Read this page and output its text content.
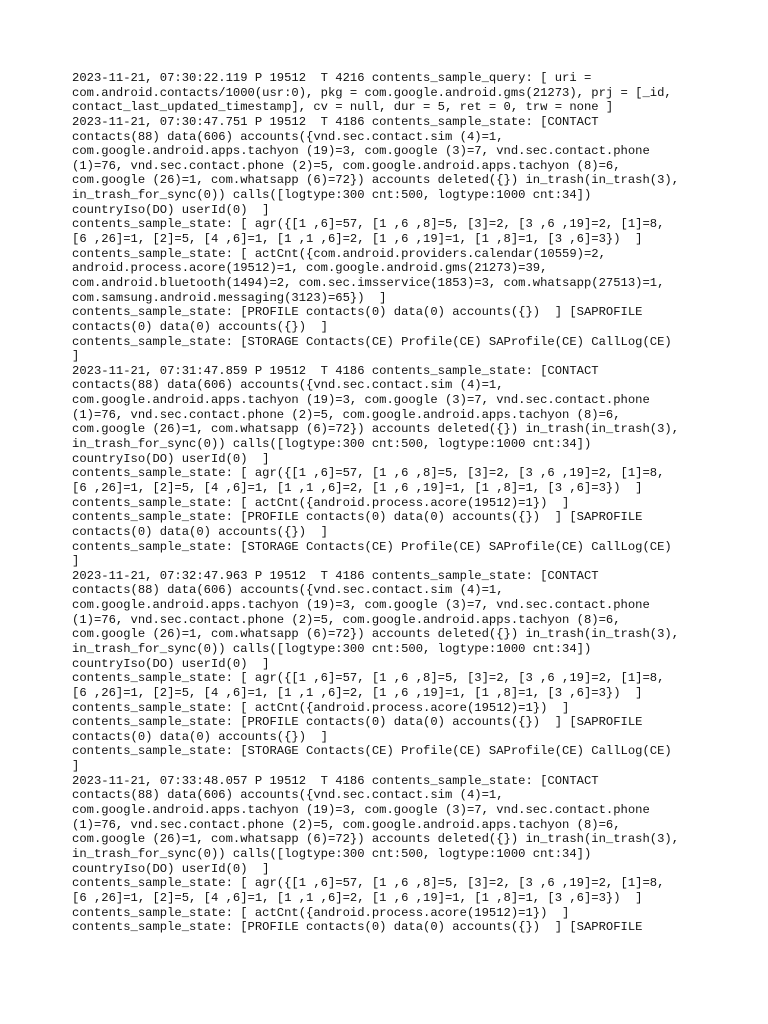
2023-11-21, 07:30:22.119 P 19512  T 4216 contents_sample_query: [ uri =
com.android.contacts/1000(usr:0), pkg = com.google.android.gms(21273), prj = [_id,
contact_last_updated_timestamp], cv = null, dur = 5, ret = 0, trw = none ]
2023-11-21, 07:30:47.751 P 19512  T 4186 contents_sample_state: [CONTACT
contacts(88) data(606) accounts({vnd.sec.contact.sim (4)=1,
com.google.android.apps.tachyon (19)=3, com.google (3)=7, vnd.sec.contact.phone
(1)=76, vnd.sec.contact.phone (2)=5, com.google.android.apps.tachyon (8)=6,
com.google (26)=1, com.whatsapp (6)=72}) accounts deleted({}) in_trash(in_trash(3),
in_trash_for_sync(0)) calls([logtype:300 cnt:500, logtype:1000 cnt:34])
countryIso(DO) userId(0)  ]
contents_sample_state: [ agr({[1 ,6]=57, [1 ,6 ,8]=5, [3]=2, [3 ,6 ,19]=2, [1]=8,
[6 ,26]=1, [2]=5, [4 ,6]=1, [1 ,1 ,6]=2, [1 ,6 ,19]=1, [1 ,8]=1, [3 ,6]=3})  ]
contents_sample_state: [ actCnt({com.android.providers.calendar(10559)=2,
android.process.acore(19512)=1, com.google.android.gms(21273)=39,
com.android.bluetooth(1494)=2, com.sec.imsservice(1853)=3, com.whatsapp(27513)=1,
com.samsung.android.messaging(3123)=65})  ]
contents_sample_state: [PROFILE contacts(0) data(0) accounts({})  ] [SAPROFILE
contacts(0) data(0) accounts({})  ]
contents_sample_state: [STORAGE Contacts(CE) Profile(CE) SAProfile(CE) CallLog(CE)
]
2023-11-21, 07:31:47.859 P 19512  T 4186 contents_sample_state: [CONTACT
contacts(88) data(606) accounts({vnd.sec.contact.sim (4)=1,
com.google.android.apps.tachyon (19)=3, com.google (3)=7, vnd.sec.contact.phone
(1)=76, vnd.sec.contact.phone (2)=5, com.google.android.apps.tachyon (8)=6,
com.google (26)=1, com.whatsapp (6)=72}) accounts deleted({}) in_trash(in_trash(3),
in_trash_for_sync(0)) calls([logtype:300 cnt:500, logtype:1000 cnt:34])
countryIso(DO) userId(0)  ]
contents_sample_state: [ agr({[1 ,6]=57, [1 ,6 ,8]=5, [3]=2, [3 ,6 ,19]=2, [1]=8,
[6 ,26]=1, [2]=5, [4 ,6]=1, [1 ,1 ,6]=2, [1 ,6 ,19]=1, [1 ,8]=1, [3 ,6]=3})  ]
contents_sample_state: [ actCnt({android.process.acore(19512)=1})  ]
contents_sample_state: [PROFILE contacts(0) data(0) accounts({})  ] [SAPROFILE
contacts(0) data(0) accounts({})  ]
contents_sample_state: [STORAGE Contacts(CE) Profile(CE) SAProfile(CE) CallLog(CE)
]
2023-11-21, 07:32:47.963 P 19512  T 4186 contents_sample_state: [CONTACT
contacts(88) data(606) accounts({vnd.sec.contact.sim (4)=1,
com.google.android.apps.tachyon (19)=3, com.google (3)=7, vnd.sec.contact.phone
(1)=76, vnd.sec.contact.phone (2)=5, com.google.android.apps.tachyon (8)=6,
com.google (26)=1, com.whatsapp (6)=72}) accounts deleted({}) in_trash(in_trash(3),
in_trash_for_sync(0)) calls([logtype:300 cnt:500, logtype:1000 cnt:34])
countryIso(DO) userId(0)  ]
contents_sample_state: [ agr({[1 ,6]=57, [1 ,6 ,8]=5, [3]=2, [3 ,6 ,19]=2, [1]=8,
[6 ,26]=1, [2]=5, [4 ,6]=1, [1 ,1 ,6]=2, [1 ,6 ,19]=1, [1 ,8]=1, [3 ,6]=3})  ]
contents_sample_state: [ actCnt({android.process.acore(19512)=1})  ]
contents_sample_state: [PROFILE contacts(0) data(0) accounts({})  ] [SAPROFILE
contacts(0) data(0) accounts({})  ]
contents_sample_state: [STORAGE Contacts(CE) Profile(CE) SAProfile(CE) CallLog(CE)
]
2023-11-21, 07:33:48.057 P 19512  T 4186 contents_sample_state: [CONTACT
contacts(88) data(606) accounts({vnd.sec.contact.sim (4)=1,
com.google.android.apps.tachyon (19)=3, com.google (3)=7, vnd.sec.contact.phone
(1)=76, vnd.sec.contact.phone (2)=5, com.google.android.apps.tachyon (8)=6,
com.google (26)=1, com.whatsapp (6)=72}) accounts deleted({}) in_trash(in_trash(3),
in_trash_for_sync(0)) calls([logtype:300 cnt:500, logtype:1000 cnt:34])
countryIso(DO) userId(0)  ]
contents_sample_state: [ agr({[1 ,6]=57, [1 ,6 ,8]=5, [3]=2, [3 ,6 ,19]=2, [1]=8,
[6 ,26]=1, [2]=5, [4 ,6]=1, [1 ,1 ,6]=2, [1 ,6 ,19]=1, [1 ,8]=1, [3 ,6]=3})  ]
contents_sample_state: [ actCnt({android.process.acore(19512)=1})  ]
contents_sample_state: [PROFILE contacts(0) data(0) accounts({})  ] [SAPROFILE
